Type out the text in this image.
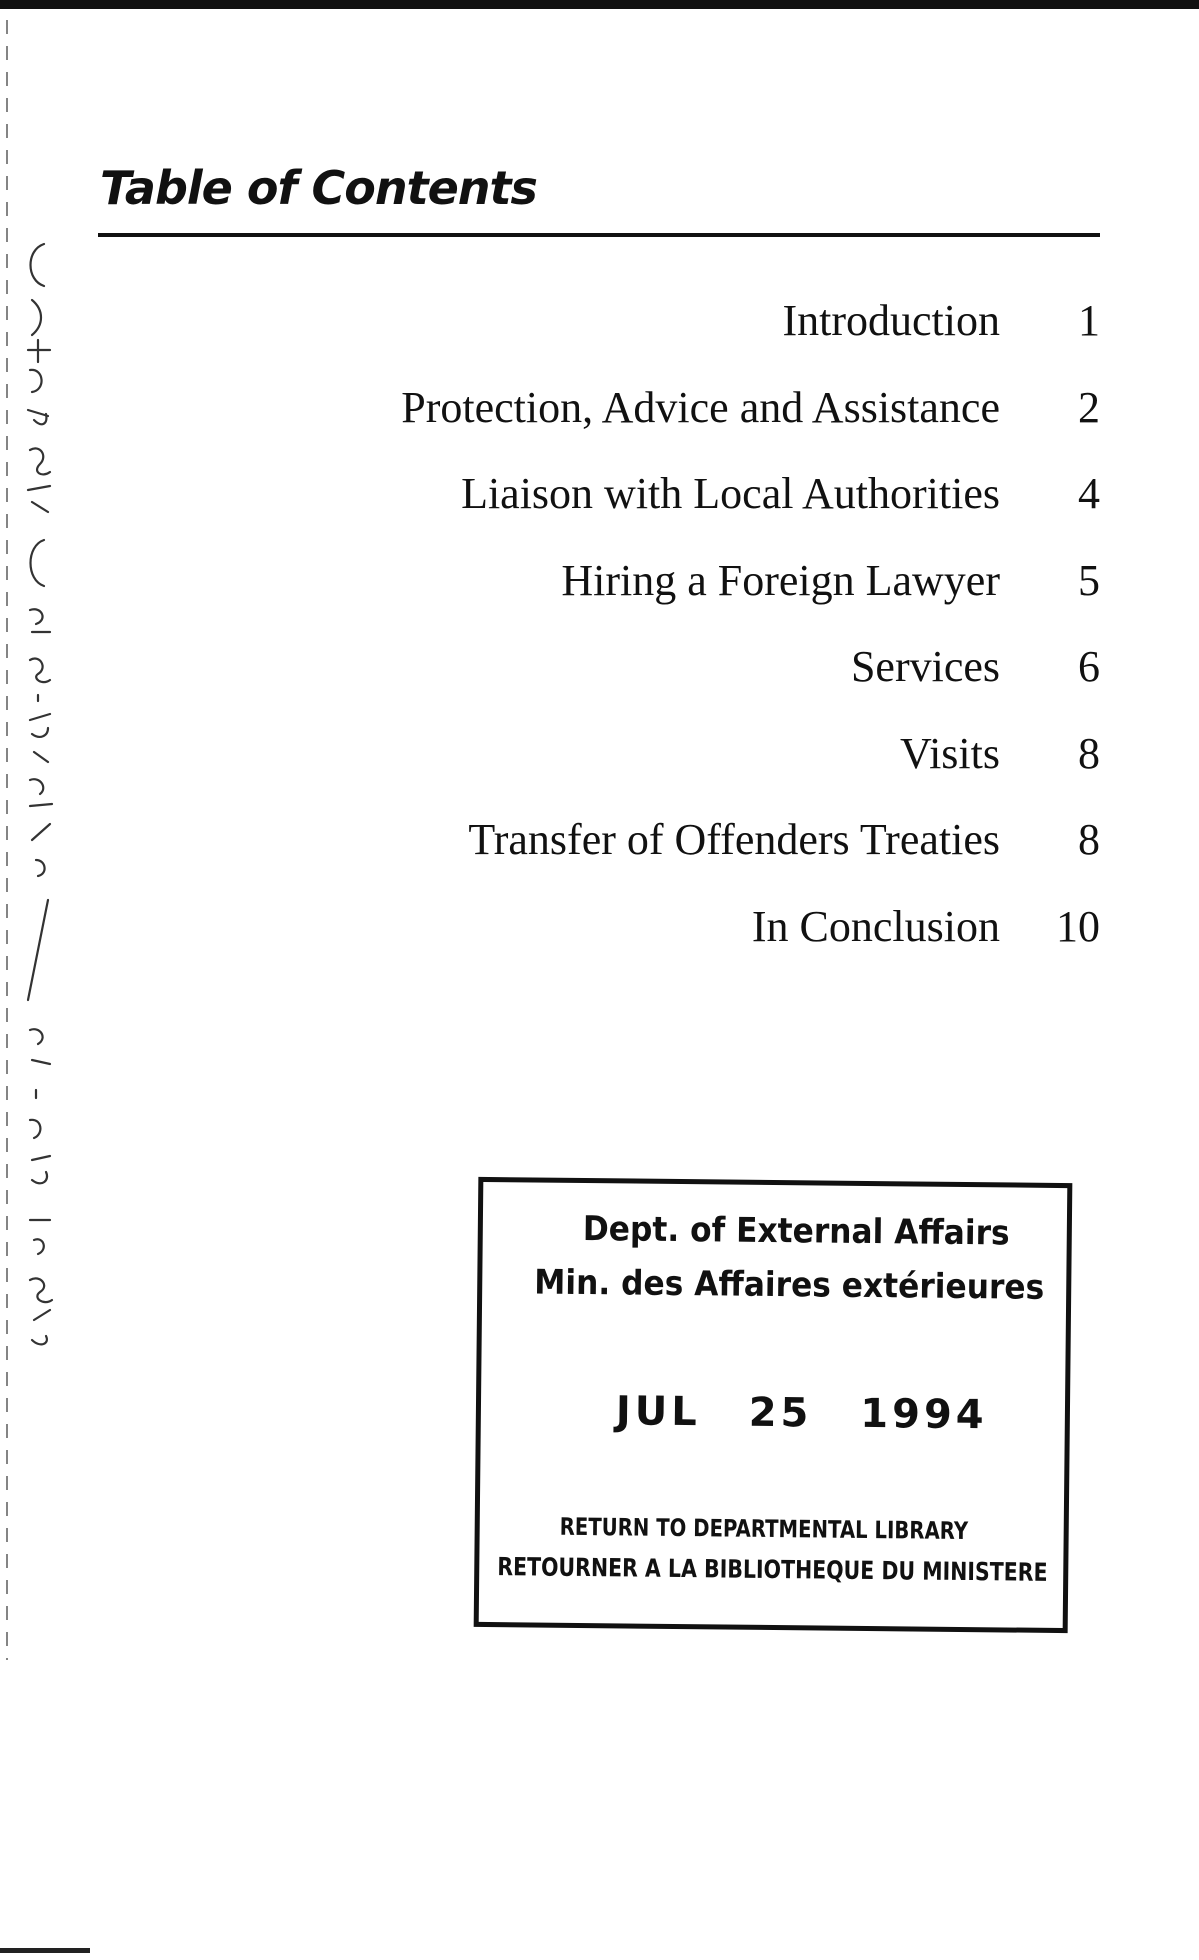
Table of Contents
Introduction	1
Protection, Advice and Assistance	2
Liaison with Local Authorities	4
Hiring a Foreign Lawyer	5
Services	6
Visits	8
Transfer of Offenders Treaties	8
In Conclusion	10
Dept. of External Affairs
Min. des Affaires extérieures
JUL 25 1994
RETURN TO DEPARTMENTAL LIBRARY
RETOURNER A LA BIBLIOTHEQUE DU MINISTERE
